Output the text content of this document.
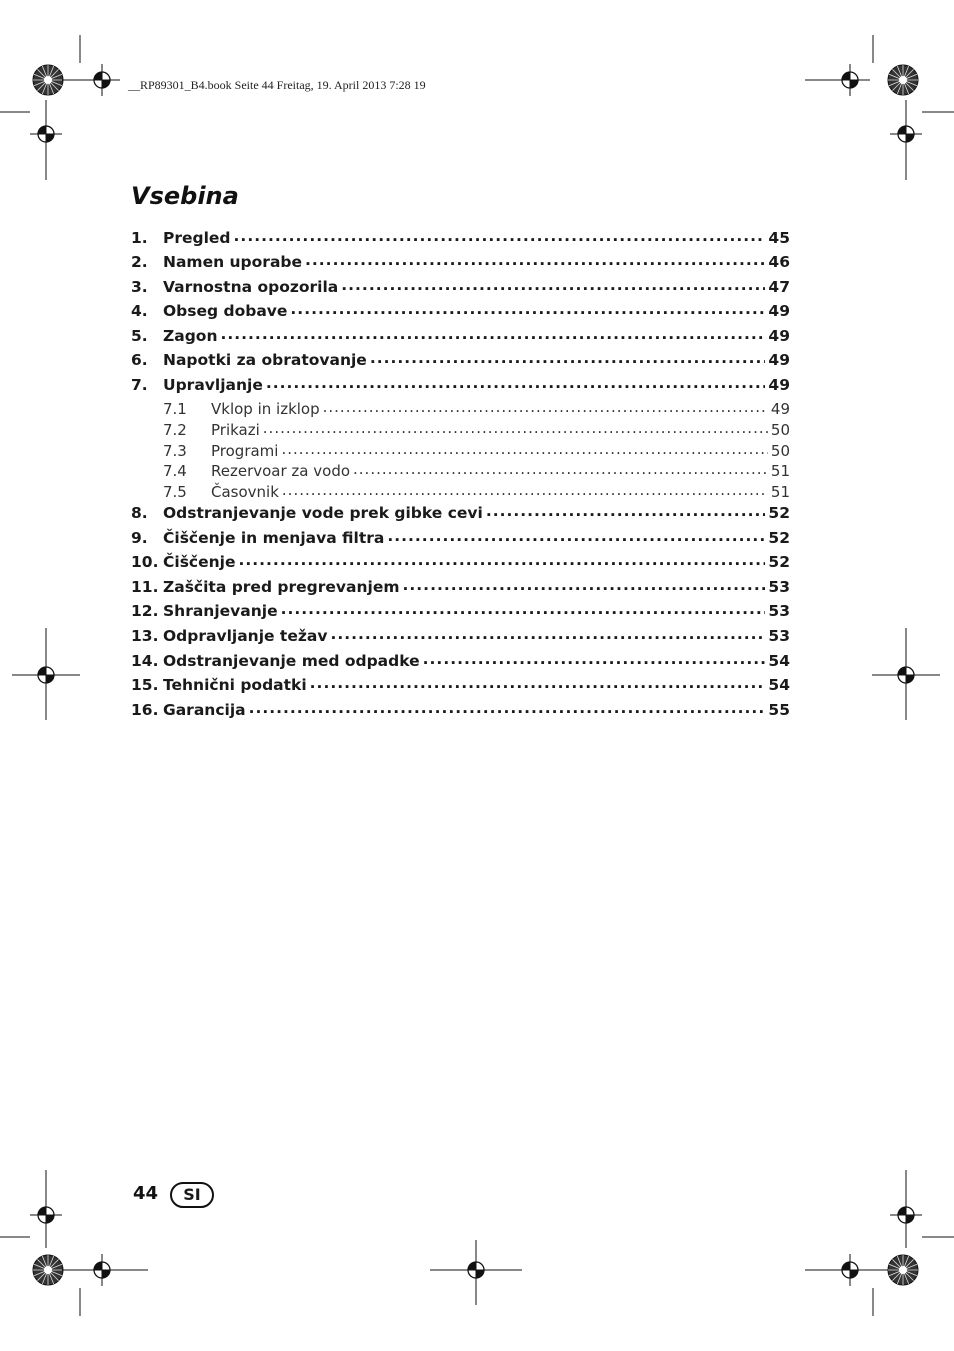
__RP89301_B4.book Seite 44 Freitag, 19. April 2013 7:28 19
Vsebina
1. Pregled .....	45
2. Namen uporabe .....	46
3. Varnostna opozorila .....	47
4. Obseg dobave .....	49
5. Zagon .....	49
6. Napotki za obratovanje .....	49
7. Upravljanje .....	49
7.1	Vklop in izklop .....	49
7.2	Prikazi .....	50
7.3	Programi .....	50
7.4	Rezervoar za vodo .....	51
7.5	Časovnik .....	51
8. Odstranjevanje vode prek gibke cevi .....	52
9. Čiščenje in menjava filtra .....	52
10. Čiščenje .....	52
11. Zaščita pred pregrevanjem .....	53
12. Shranjevanje .....	53
13. Odpravljanje težav .....	53
14. Odstranjevanje med odpadke .....	54
15. Tehnični podatki .....	54
16. Garancija .....	55
44	SI
